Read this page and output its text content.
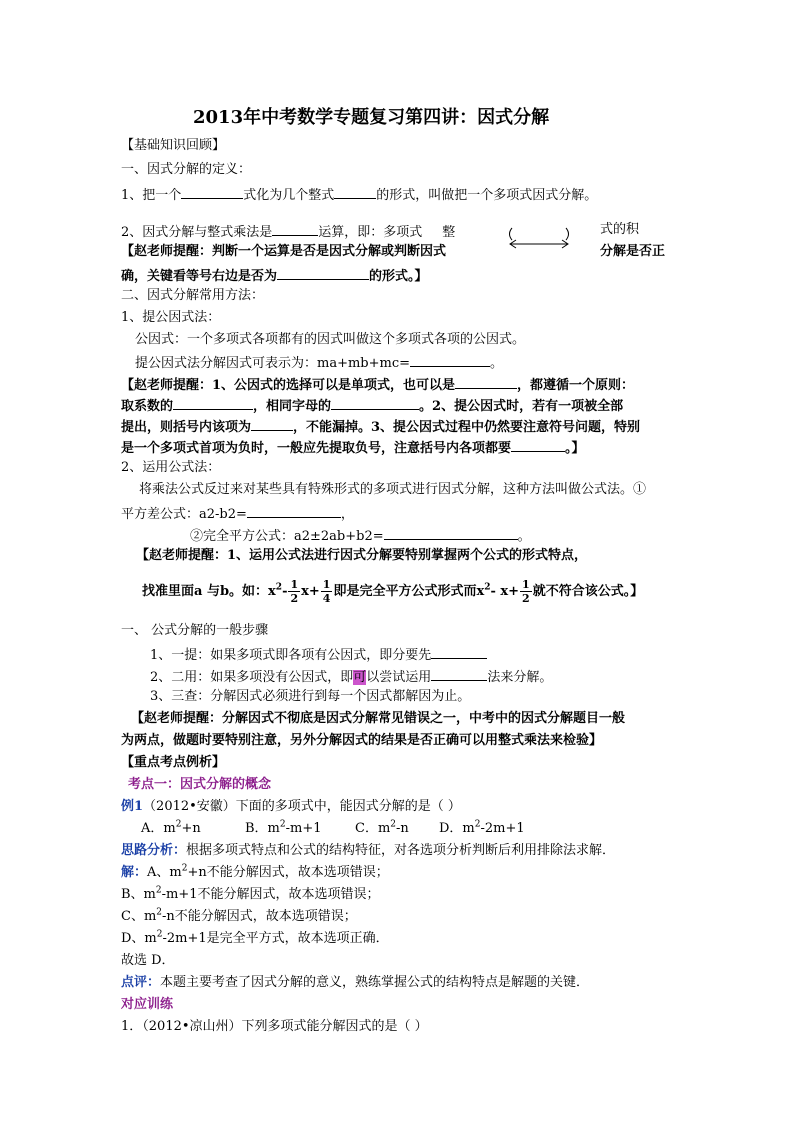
2013年中考数学专题复习第四讲：因式分解
【基础知识回顾】
一、因式分解的定义：
1、把一个	式化为几个整式	的形式，叫做把一个多项式因式分解。
2、因式分解与整式乘法是	运算，即：多项式 整	式的积
【赵老师提醒：判断一个运算是否是因式分解或判断因式	分解是否正
确，关键看等号右边是否为	的形式。】
二、因式分解常用方法：
1、提公因式法：
公因式：一个多项式各项都有的因式叫做这个多项式各项的公因式。
提公因式法分解因式可表示为：ma+mb+mc=	。
【赵老师提醒：1、公因式的选择可以是单项式，也可以是	，都遵循一个原则：
取系数的	，相同字母的	。2、提公因式时，若有一项被全部
提出，则括号内该项为	，不能漏掉。3、提公因式过程中仍然要注意符号问题，特别
是一个多项式首项为负时，一般应先提取负号，注意括号内各项都要	。】
2、运用公式法：
将乘法公式反过来对某些具有特殊形式的多项式进行因式分解，这种方法叫做公式法。①
平方差公式：a2-b2=	，
②完全平方公式：a2±2ab+b2=	。
【赵老师提醒：1、运用公式法进行因式分解要特别掌握两个公式的形式特点，
找准里面a 与b。如：$x^2- \frac{1}{2} x+ \frac{1}{4}$ 即是完全平方公式形式而$x^2-$ $x+ \frac{1}{2}$ 就不符合该公式。】
一、 公式分解的一般步骤
1、一提：如果多项式即各项有公因式，即分要先
2、二用：如果多项没有公因式，即可以尝试运用	法来分解。
3、三查：分解因式必须进行到每一个因式都解因为止。
【赵老师提醒：分解因式不彻底是因式分解常见错误之一，中考中的因式分解题目一般
为两点，做题时要特别注意，另外分解因式的结果是否正确可以用整式乘法来检验】
【重点考点例析】
考点一：因式分解的概念
例1（2012•安徽）下面的多项式中，能因式分解的是（ ）
A．$m^2+n$	B．$m^2-m+1$	C．$m^2-n$ D．$m^2-2m+1$
思路分析：根据多项式特点和公式的结构特征，对各选项分析判断后利用排除法求解．
解：A、$m^2+n$不能分解因式，故本选项错误；
B、$m^2-m+1$不能分解因式，故本选项错误；
C、$m^2-n$不能分解因式，故本选项错误；
D、$m^2-2m+1$是完全平方式，故本选项正确．
故选 D．
点评：本题主要考查了因式分解的意义，熟练掌握公式的结构特点是解题的关键．
对应训练
1．（2012•凉山州）下列多项式能分解因式的是（ ）
